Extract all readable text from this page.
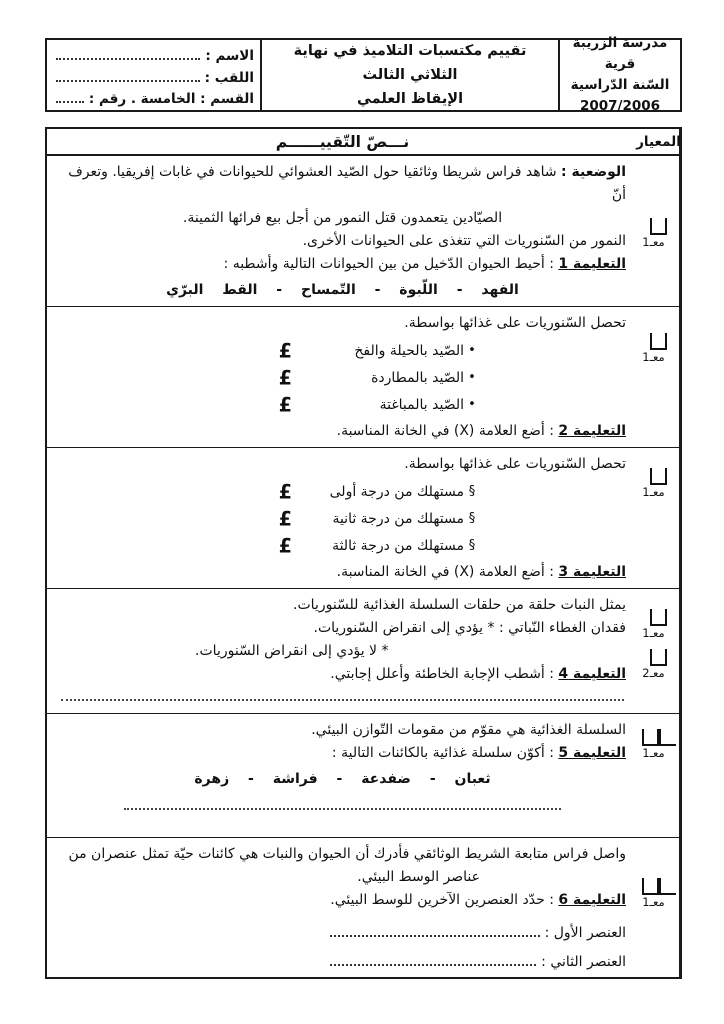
مدرسة الزريبة قرية
السّنة الدّراسية
2007/2006
تقييم مكتسبات التلاميذ في نهاية الثلاثي الثالث
الإيقاظ العلمي
الاسم :
اللقب :
القسم : الخامسة . رقم :
نـــصّ التّقييــــــم	المعيار
الوضعية : شاهد فراس شريطا وثائقيا حول الصّيد العشوائي للحيوانات في غابات إفريقيا. وتعرف أنّ
الصيّادين يتعمدون قتل النمور من أجل بيع فرائها الثمينة.
النمور من السّنوريات التي تتغذى على الحيوانات الأخرى.
التعليمة 1 : أحيط الحيوان الدّخيل من بين الحيوانات التالية وأشطبه :
الفهد - اللّبوة - التّمساح - القط البرّي
معـ1
تحصل السّنوريات على غذائها بواسطة.
•
الصّيد بالحيلة والفخ
£
•
الصّيد بالمطاردة
£
•
الصّيد بالمباغتة
£
التعليمة 2 : أضع العلامة (X) في الخانة المناسبة.
معـ1
تحصل السّنوريات على غذائها بواسطة.
§
مستهلك من درجة أولى
£
§
مستهلك من درجة ثانية
£
§
مستهلك من درجة ثالثة
£
التعليمة 3 : أضع العلامة (X) في الخانة المناسبة.
معـ1
يمثل النبات حلقة من حلقات السلسلة الغذائية للسّنوريات.
فقدان الغطاء النّباتي : * يؤدي إلى انقراض السّنوريات.
* لا يؤدي إلى انقراض السّنوريات.
التعليمة 4 : أشطب الإجابة الخاطئة وأعلل إجابتي.
معـ1
معـ2
السلسلة الغذائية هي مقوّم من مقومات التّوازن البيئي.
التعليمة 5 : أكوّن سلسلة غذائية بالكائنات التالية :
ثعبان - ضفدعة - فراشة - زهرة
معـ1
واصل فراس متابعة الشريط الوثائقي فأدرك أن الحيوان والنبات هي كائنات حيّة تمثل عنصران من
عناصر الوسط البيئي.
التعليمة 6 : حدّد العنصرين الآخرين للوسط البيئي.
العنصر الأول :
العنصر الثاني :
معـ1
